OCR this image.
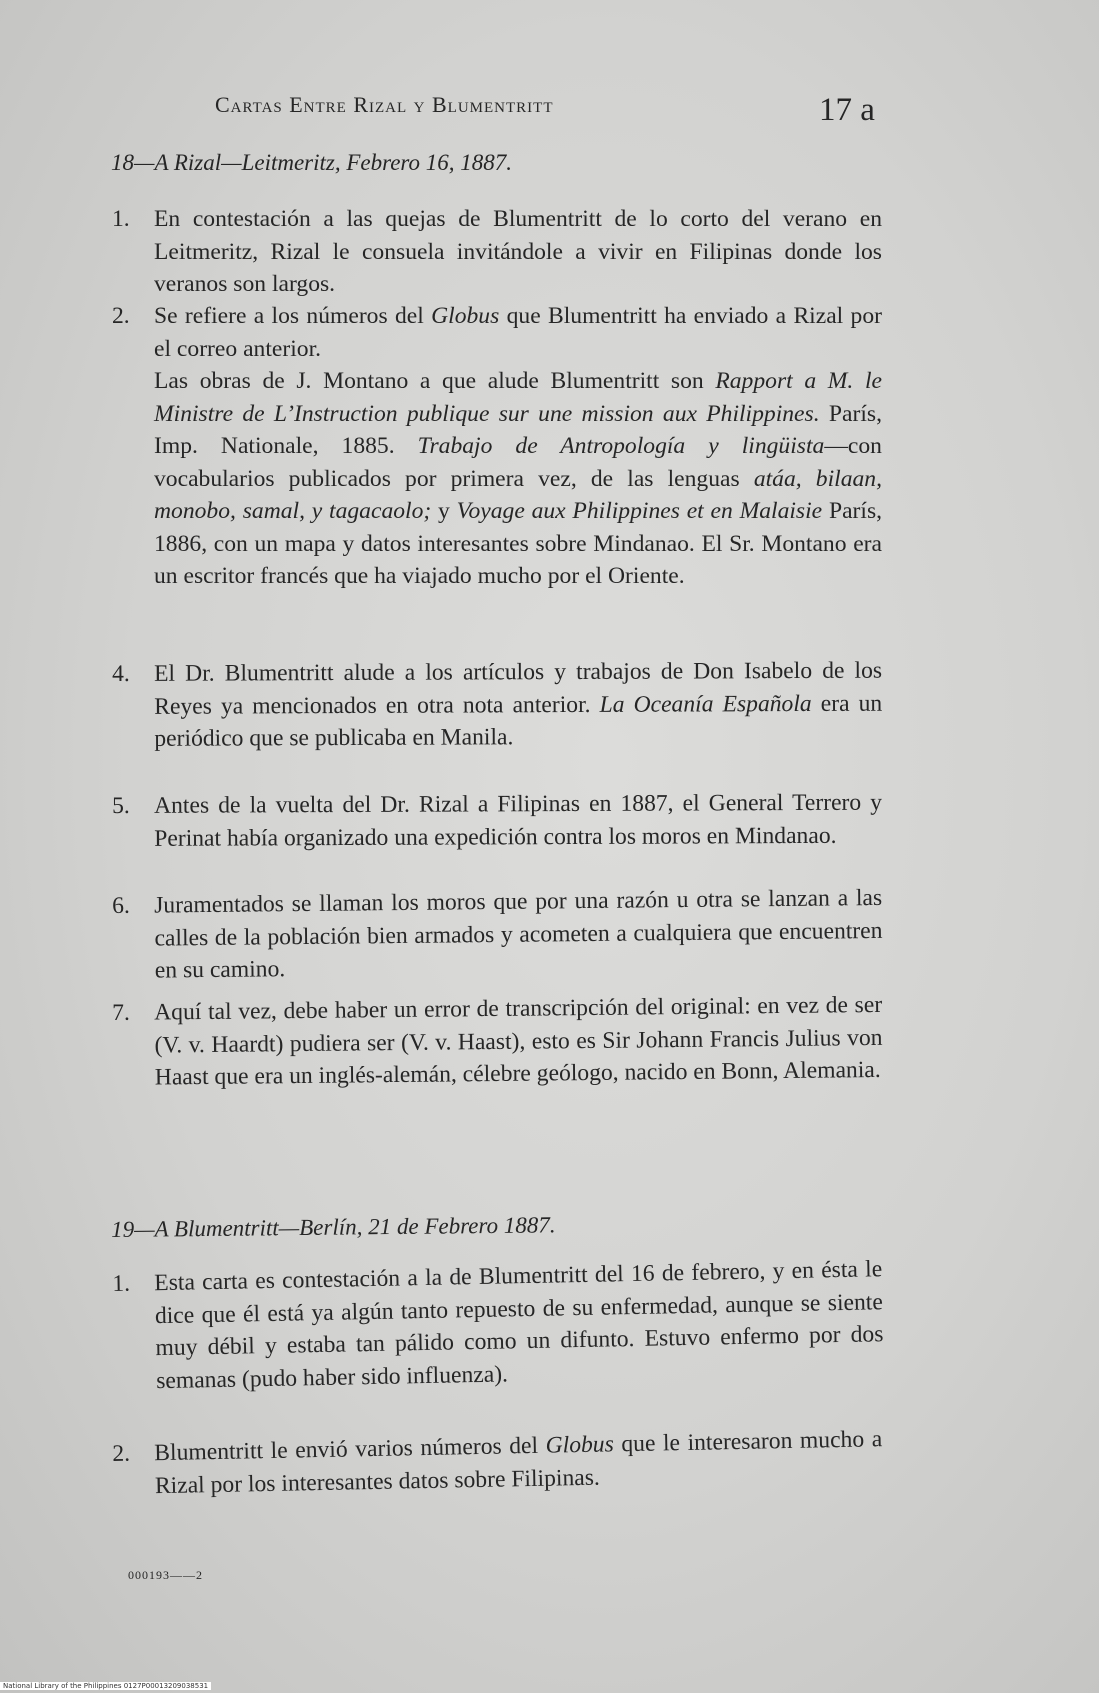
Cartas Entre Rizal y Blumentritt	17 a
18—A Rizal—Leitmeritz, Febrero 16, 1887.
1. En contestación a las quejas de Blumentritt de lo corto del verano en Leitmeritz, Rizal le consuela invitándole a vivir en Filipinas donde los veranos son largos.
2. Se refiere a los números del Globus que Blumentritt ha enviado a Rizal por el correo anterior.
Las obras de J. Montano a que alude Blumentritt son Rapport a M. le Ministre de L’Instruction publique sur une mission aux Philippines. París, Imp. Nationale, 1885. Trabajo de Antropología y lingüista—con vocabularios publicados por primera vez, de las lenguas atáa, bilaan, monobo, samal, y tagacaolo; y Voyage aux Philippines et en Malaisie París, 1886, con un mapa y datos interesantes sobre Mindanao. El Sr. Montano era un escritor francés que ha viajado mucho por el Oriente.
4. El Dr. Blumentritt alude a los artículos y trabajos de Don Isabelo de los Reyes ya mencionados en otra nota anterior. La Oceanía Española era un periódico que se publicaba en Manila.
5. Antes de la vuelta del Dr. Rizal a Filipinas en 1887, el General Terrero y Perinat había organizado una expedición contra los moros en Mindanao.
6. Juramentados se llaman los moros que por una razón u otra se lanzan a las calles de la población bien armados y acometen a cualquiera que encuentren en su camino.
7. Aquí tal vez, debe haber un error de transcripción del original: en vez de ser (V. v. Haardt) pudiera ser (V. v. Haast), esto es Sir Johann Francis Julius von Haast que era un inglés-alemán, célebre geólogo, nacido en Bonn, Alemania.
19—A Blumentritt—Berlín, 21 de Febrero 1887.
1. Esta carta es contestación a la de Blumentritt del 16 de febrero, y en ésta le dice que él está ya algún tanto repuesto de su enfermedad, aunque se siente muy débil y estaba tan pálido como un difunto. Estuvo enfermo por dos semanas (pudo haber sido influenza).
2. Blumentritt le envió varios números del Globus que le interesaron mucho a Rizal por los interesantes datos sobre Filipinas.
000193——2
National Library of the Philippines 0127P00013209038531
